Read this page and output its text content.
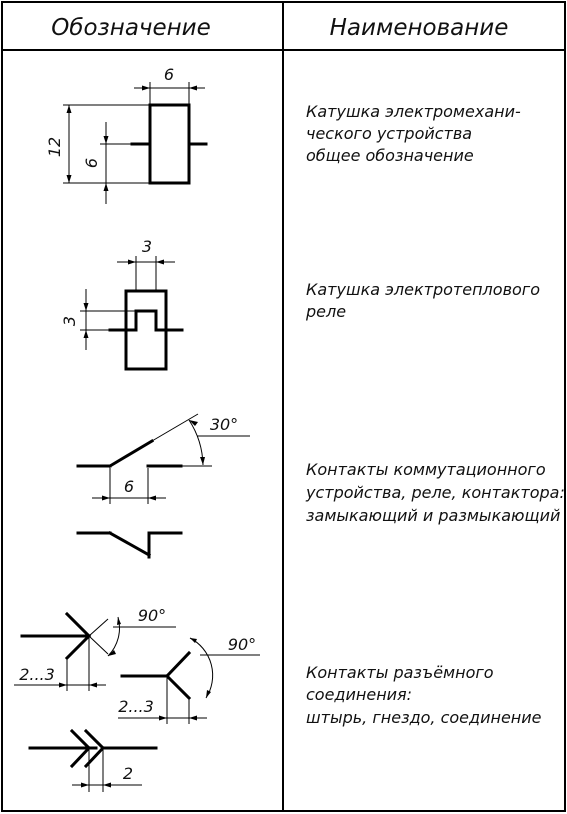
Обозначение	Наименование
6
12
6
Катушка электромехани-
ческого устройства
общее обозначение
3
3
Катушка электротеплового
реле
30°
6
Контакты коммутационного
устройства, реле, контактора:
замыкающий и размыкающий
90°
2...3
90°
2...3
2
Контакты разъёмного
соединения:
штырь, гнездо, соединение
